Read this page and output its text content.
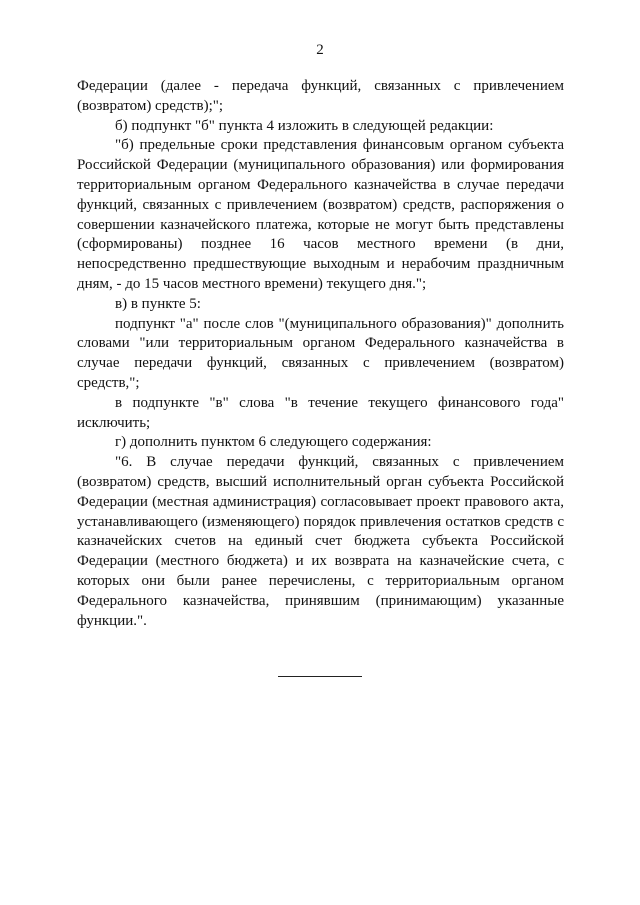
2

Федерации (далее - передача функций, связанных с привлечением (возвратом) средств);";

б) подпункт "б" пункта 4 изложить в следующей редакции:

"б) предельные сроки представления финансовым органом субъекта Российской Федерации (муниципального образования) или формирования территориальным органом Федерального казначейства в случае передачи функций, связанных с привлечением (возвратом) средств, распоряжения о совершении казначейского платежа, которые не могут быть представлены (сформированы) позднее 16 часов местного времени (в дни, непосредственно предшествующие выходным и нерабочим праздничным дням, - до 15 часов местного времени) текущего дня.";

в) в пункте 5:

подпункт "а" после слов "(муниципального образования)" дополнить словами "или территориальным органом Федерального казначейства в случае передачи функций, связанных с привлечением (возвратом) средств,";

в подпункте "в" слова "в течение текущего финансового года" исключить;

г) дополнить пунктом 6 следующего содержания:

"6. В случае передачи функций, связанных с привлечением (возвратом) средств, высший исполнительный орган субъекта Российской Федерации (местная администрация) согласовывает проект правового акта, устанавливающего (изменяющего) порядок привлечения остатков средств с казначейских счетов на единый счет бюджета субъекта Российской Федерации (местного бюджета) и их возврата на казначейские счета, с которых они были ранее перечислены, с территориальным органом Федерального казначейства, принявшим (принимающим) указанные функции.".
